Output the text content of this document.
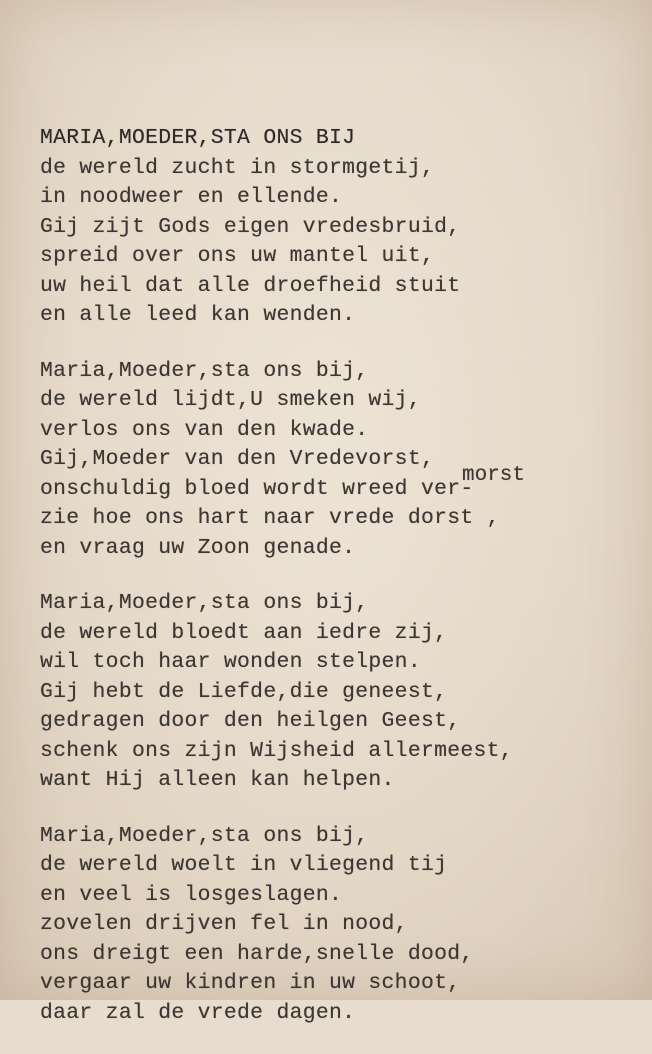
MARIA,MOEDER,STA ONS BIJ
de wereld zucht in stormgetij,
in noodweer en ellende.
Gij zijt Gods eigen vredesbruid,
spreid over ons uw mantel uit,
uw heil dat alle droefheid stuit
en alle leed kan wenden.
Maria,Moeder,sta ons bij,
de wereld lijdt,U smeken wij,
verlos ons van den kwade.
Gij,Moeder van den Vredevorst,
onschuldig bloed wordt wreed ver-
zie hoe ons hart naar vrede dorst ,
en vraag uw Zoon genade.
Maria,Moeder,sta ons bij,
de wereld bloedt aan iedre zij,
wil toch haar wonden stelpen.
Gij hebt de Liefde,die geneest,
gedragen door den heilgen Geest,
schenk ons zijn Wijsheid allermeest,
want Hij alleen kan helpen.
Maria,Moeder,sta ons bij,
de wereld woelt in vliegend tij
en veel is losgeslagen.
zovelen drijven fel in nood,
ons dreigt een harde,snelle dood,
vergaar uw kindren in uw schoot,
daar zal de vrede dagen.
morst
